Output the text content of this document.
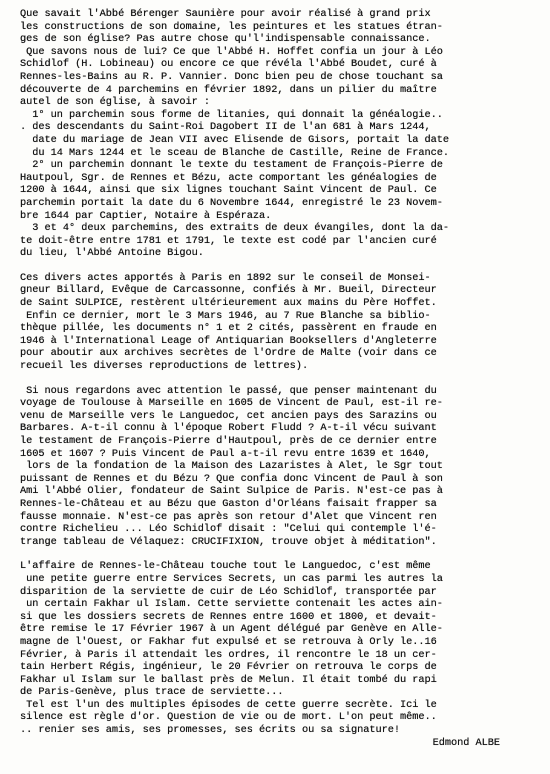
Que savait l'Abbé Bérenger Saunière pour avoir réalisé à grand prix
les constructions de son domaine, les peintures et les statues étran-
ges de son église? Pas autre chose qu'l'indispensable connaissance.
Que savons nous de lui? Ce que l'Abbé H. Hoffet confia un jour à Léo
Schidlof (H. Lobineau) ou encore ce que révéla l'Abbé Boudet, curé à
Rennes-les-Bains au R. P. Vannier. Donc bien peu de chose touchant sa
découverte de 4 parchemins en février 1892, dans un pilier du maître
autel de son église, à savoir :
1° un parchemin sous forme de litanies, qui donnait la généalogie..
. des descendants du Saint-Roi Dagobert II de l'an 681 à Mars 1244,
date du mariage de Jean VII avec Elisende de Gisors, portait la date
du 14 Mars 1244 et le sceau de Blanche de Castille, Reine de France.
2° un parchemin donnant le texte du testament de François-Pierre de
Hautpoul, Sgr. de Rennes et Bézu, acte comportant les généalogies de
1200 à 1644, ainsi que six lignes touchant Saint Vincent de Paul. Ce
parchemin portait la date du 6 Novembre 1644, enregistré le 23 Novem-
bre 1644 par Captier, Notaire à Espéraza.
3 et 4° deux parchemins, des extraits de deux évangiles, dont la da-
te doit-être entre 1781 et 1791, le texte est codé par l'ancien curé
du lieu, l'Abbé Antoine Bigou.
Ces divers actes apportés à Paris en 1892 sur le conseil de Monsei-
gneur Billard, Evêque de Carcassonne, confiés à Mr. Bueil, Directeur
de Saint SULPICE, restèrent ultérieurement aux mains du Père Hoffet.
Enfin ce dernier, mort le 3 Mars 1946, au 7 Rue Blanche sa biblio-
thèque pillée, les documents n° 1 et 2 cités, passèrent en fraude en
1946 à l'International Leage of Antiquarian Booksellers d'Angleterre
pour aboutir aux archives secrètes de l'Ordre de Malte (voir dans ce
recueil les diverses reproductions de lettres).
Si nous regardons avec attention le passé, que penser maintenant du
voyage de Toulouse à Marseille en 1605 de Vincent de Paul, est-il re-
venu de Marseille vers le Languedoc, cet ancien pays des Sarazins ou
Barbares. A-t-il connu à l'époque Robert Fludd ? A-t-il vécu suivant
le testament de François-Pierre d'Hautpoul, près de ce dernier entre
1605 et 1607 ? Puis Vincent de Paul a-t-il revu entre 1639 et 1640,
lors de la fondation de la Maison des Lazaristes à Alet, le Sgr tout
puissant de Rennes et du Bézu ? Que confia donc Vincent de Paul à son
Ami l'Abbé Olier, fondateur de Saint Sulpice de Paris. N'est-ce pas à
Rennes-le-Château et au Bézu que Gaston d'Orléans faisait frapper sa
fausse monnaie. N'est-ce pas après son retour d'Alet que Vincent ren
contre Richelieu ... Léo Schidlof disait : "Celui qui contemple l'é-
trange tableau de Vélaquez: CRUCIFIXION, trouve objet à méditation".
L'affaire de Rennes-le-Château touche tout le Languedoc, c'est même
une petite guerre entre Services Secrets, un cas parmi les autres la
disparition de la serviette de cuir de Léo Schidlof, transportée par
un certain Fakhar ul Islam. Cette serviette contenait les actes ain-
si que les dossiers secrets de Rennes entre 1600 et 1800, et devait-
être remise le 17 Février 1967 à un Agent délégué par Genève en Alle-
magne de l'Ouest, or Fakhar fut expulsé et se retrouva à Orly le..16
Février, à Paris il attendait les ordres, il rencontre le 18 un cer-
tain Herbert Régis, ingénieur, le 20 Février on retrouva le corps de
Fakhar ul Islam sur le ballast près de Melun. Il était tombé du rapi
de Paris-Genève, plus trace de serviette...
Tel est l'un des multiples épisodes de cette guerre secrète. Ici le
silence est règle d'or. Question de vie ou de mort. L'on peut même..
.. renier ses amis, ses promesses, ses écrits ou sa signature!
Edmond ALBE
